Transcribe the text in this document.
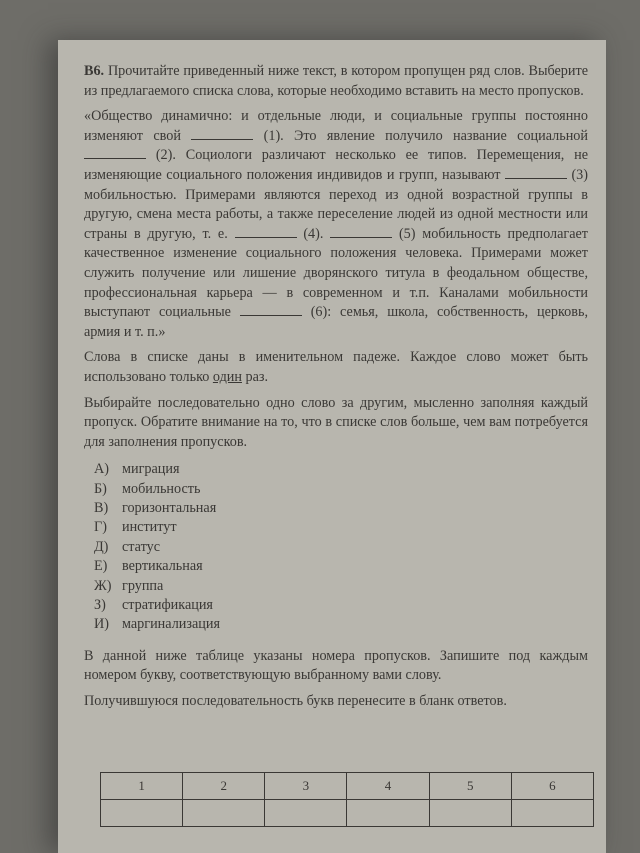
В6. Прочитайте приведенный ниже текст, в котором пропущен ряд слов. Выберите из предлагаемого списка слова, которые необходимо вставить на место пропусков.

«Общество динамично: и отдельные люди, и социальные группы постоянно изменяют свой	(1). Это явление получило название социальной  (2). Социологи различают несколько ее типов. Перемещения, не изменяющие социального положения индивидов и групп, называют	(3) мобильностью. Примерами являются переход из одной возрастной группы в другую, смена места работы, а также переселение людей из одной местности или страны в другую, т. е.	(4).	(5) мобильность предполагает качественное изменение социального положения человека. Примерами может служить получение или лишение дворянского титула в феодальном обществе, профессиональная карьера — в современном и т.п. Каналами мобильности выступают социальные	(6): семья, школа, собственность, церковь, армия и т. п.»

Слова в списке даны в именительном падеже. Каждое слово может быть использовано только один раз.

Выбирайте последовательно одно слово за другим, мысленно заполняя каждый пропуск. Обратите внимание на то, что в списке слов больше, чем вам потребуется для заполнения пропусков.

А) миграция
Б)	мобильность
В) горизонтальная
Г)	институт
Д) статус
Е)	вертикальная
Ж) группа
З)	стратификация
И) маргинализация

В данной ниже таблице указаны номера пропусков. Запишите под каждым номером букву, соответствующую выбранному вами слову.

Получившуюся последовательность букв перенесите в бланк ответов.

1	2	3	4	5	6
